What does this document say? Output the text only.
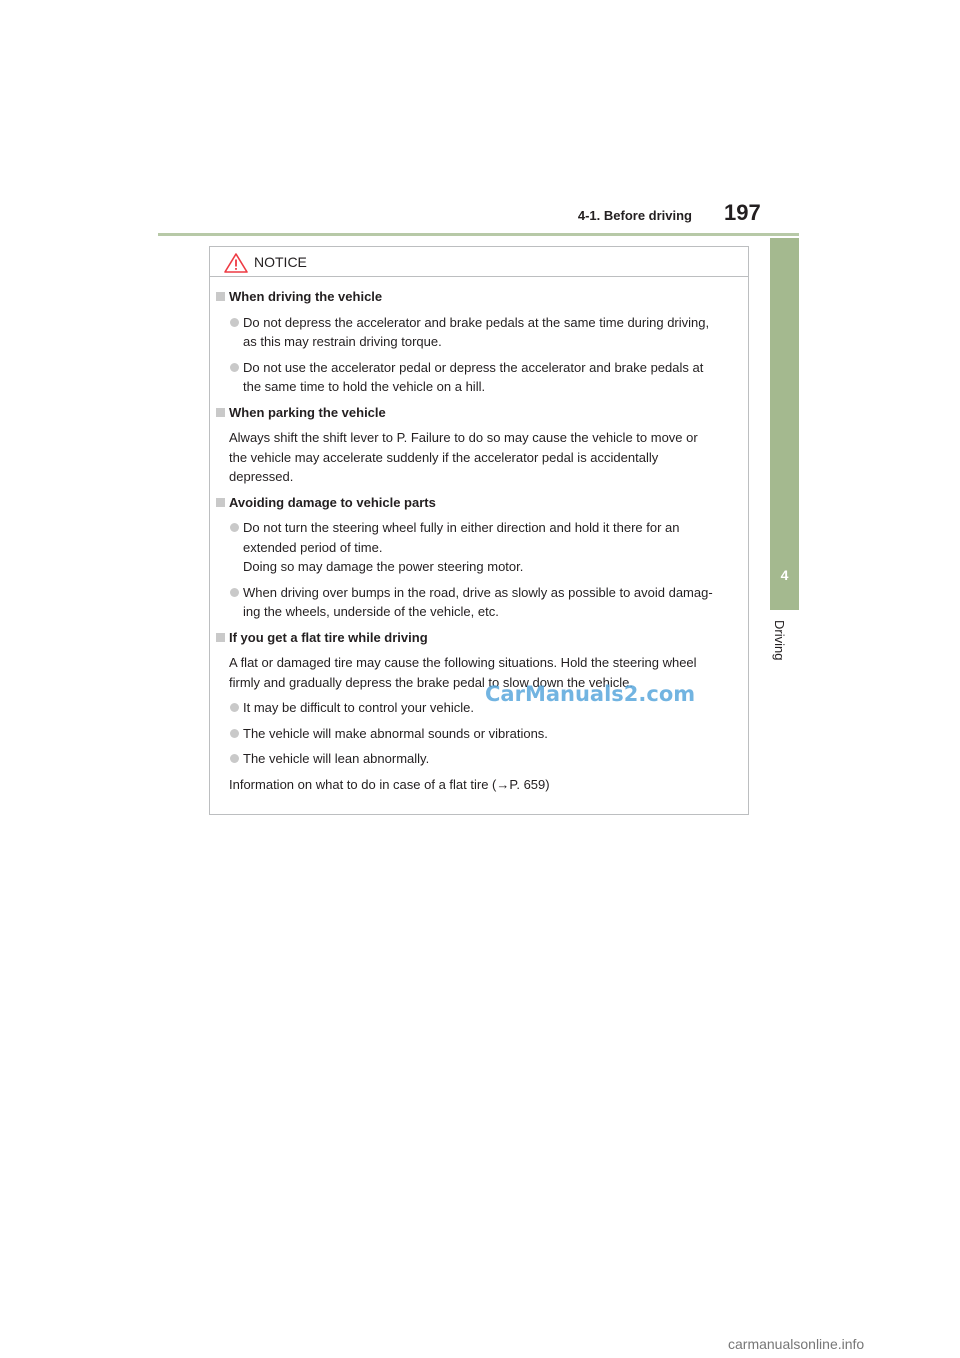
4-1. Before driving 197
4
Driving
NOTICE
When driving the vehicle
Do not depress the accelerator and brake pedals at the same time during driving,
as this may restrain driving torque.
Do not use the accelerator pedal or depress the accelerator and brake pedals at
the same time to hold the vehicle on a hill.
When parking the vehicle
Always shift the shift lever to P. Failure to do so may cause the vehicle to move or
the vehicle may accelerate suddenly if the accelerator pedal is accidentally
depressed.
Avoiding damage to vehicle parts
Do not turn the steering wheel fully in either direction and hold it there for an
extended period of time.
Doing so may damage the power steering motor.
When driving over bumps in the road, drive as slowly as possible to avoid damag-
ing the wheels, underside of the vehicle, etc.
If you get a flat tire while driving
A flat or damaged tire may cause the following situations. Hold the steering wheel
firmly and gradually depress the brake pedal to slow down the vehicle.
It may be difficult to control your vehicle.
The vehicle will make abnormal sounds or vibrations.
The vehicle will lean abnormally.
Information on what to do in case of a flat tire (→P. 659)
CarManuals2.com
carmanualsonline.info
